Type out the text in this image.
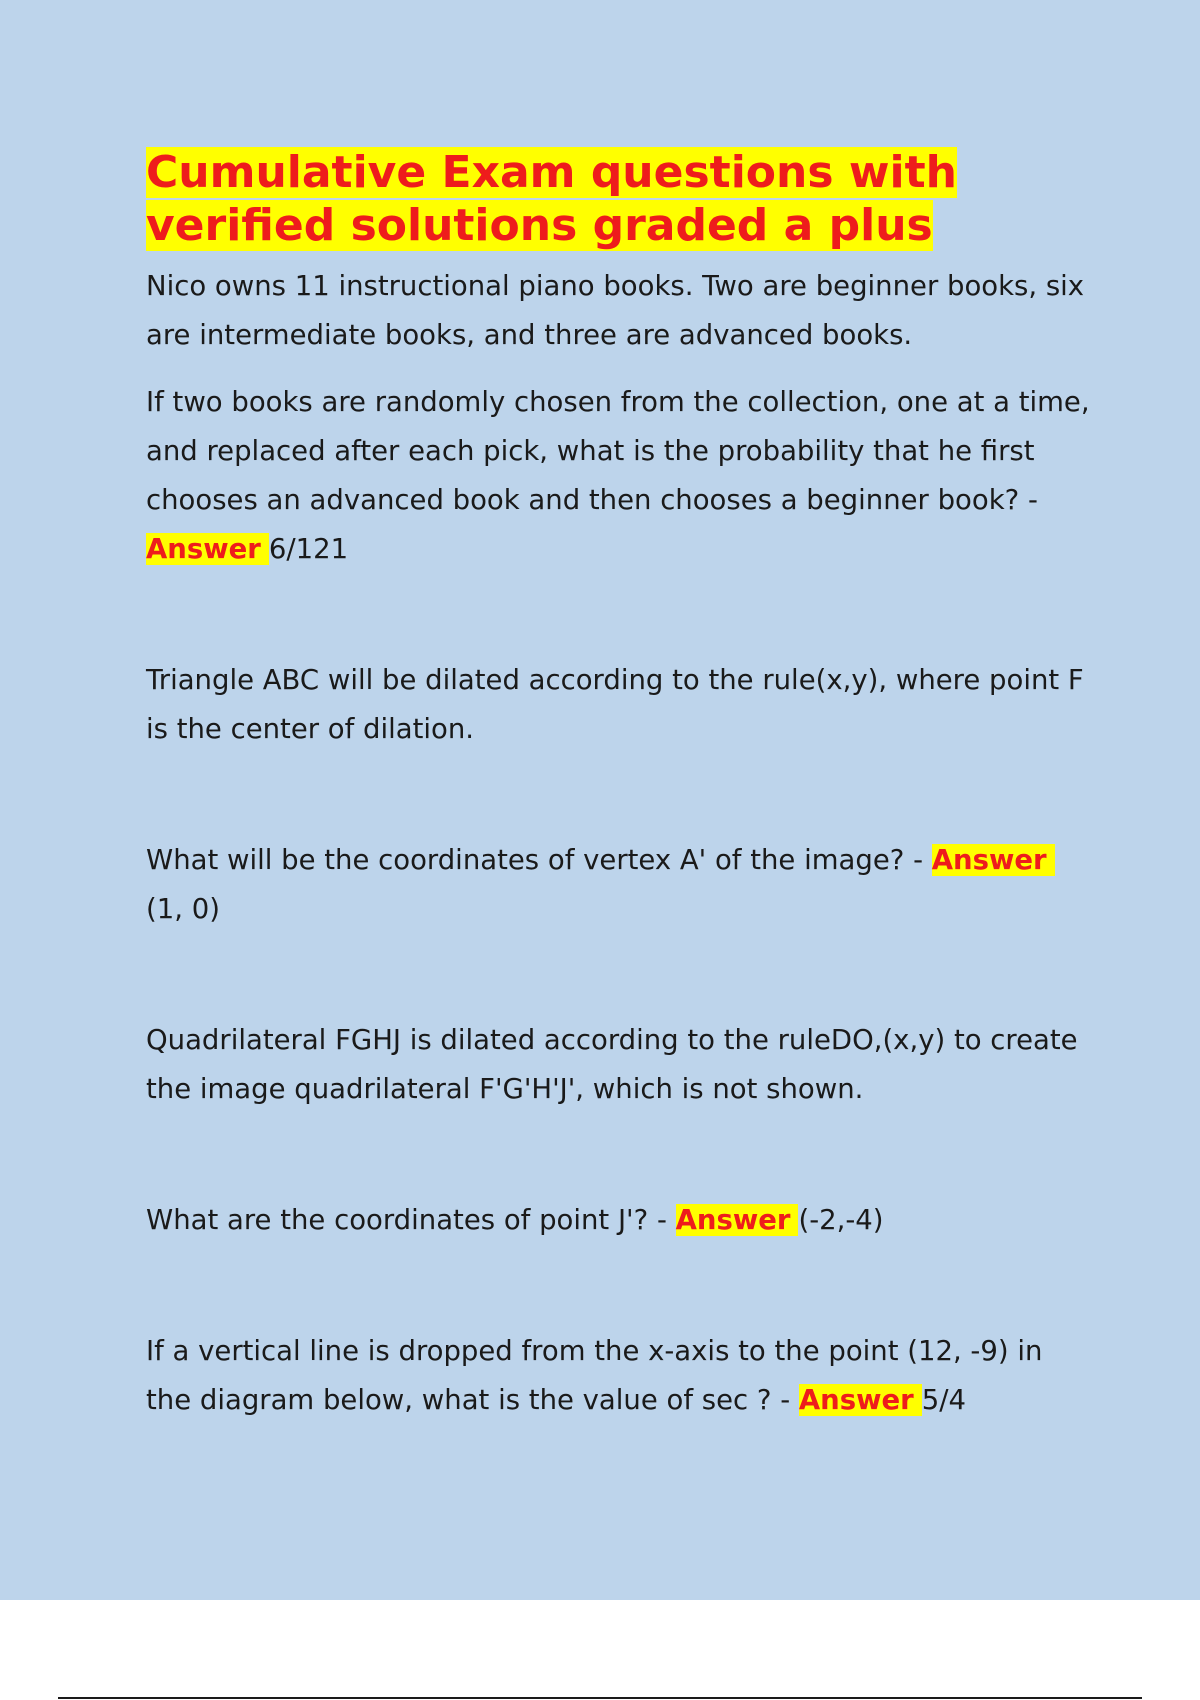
Cumulative Exam questions with
verified solutions graded a plus

Nico owns 11 instructional piano books. Two are beginner books, six are intermediate books, and three are advanced books.

If two books are randomly chosen from the collection, one at a time, and replaced after each pick, what is the probability that he first chooses an advanced book and then chooses a beginner book? - Answer 6/121

Triangle ABC will be dilated according to the rule(x,y), where point F is the center of dilation.

What will be the coordinates of vertex A' of the image? - Answer (1, 0)

Quadrilateral FGHJ is dilated according to the ruleDO,(x,y) to create the image quadrilateral F'G'H'J', which is not shown.

What are the coordinates of point J'? - Answer (-2,-4)

If a vertical line is dropped from the x-axis to the point (12, -9) in the diagram below, what is the value of sec ? - Answer 5/4
